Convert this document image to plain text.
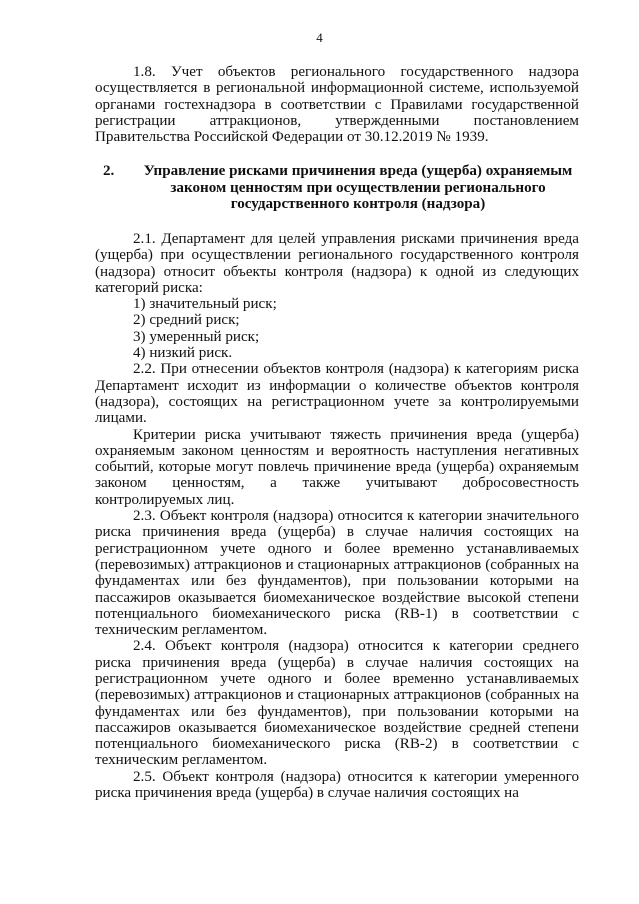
4

1.8. Учет объектов регионального государственного надзора осуществляется в региональной информационной системе, используемой органами гостехнадзора в соответствии с Правилами государственной регистрации аттракционов, утвержденными постановлением Правительства Российской Федерации от 30.12.2019 № 1939.

2.	Управление рисками причинения вреда (ущерба) охраняемым законом ценностям при осуществлении регионального государственного контроля (надзора)

2.1. Департамент для целей управления рисками причинения вреда (ущерба) при осуществлении регионального государственного контроля (надзора) относит объекты контроля (надзора) к одной из следующих категорий риска:

1) значительный риск;
2) средний риск;
3) умеренный риск;
4) низкий риск.

2.2. При отнесении объектов контроля (надзора) к категориям риска Департамент исходит из информации о количестве объектов контроля (надзора), состоящих на регистрационном учете за контролируемыми лицами.

Критерии риска учитывают тяжесть причинения вреда (ущерба) охраняемым законом ценностям и вероятность наступления негативных событий, которые могут повлечь причинение вреда (ущерба) охраняемым законом ценностям, а также учитывают добросовестность контролируемых лиц.

2.3. Объект контроля (надзора) относится к категории значительного риска причинения вреда (ущерба) в случае наличия состоящих на регистрационном учете одного и более временно устанавливаемых (перевозимых) аттракционов и стационарных аттракционов (собранных на фундаментах или без фундаментов), при пользовании которыми на пассажиров оказывается биомеханическое воздействие высокой степени потенциального биомеханического риска (RB-1) в соответствии с техническим регламентом.

2.4. Объект контроля (надзора) относится к категории среднего риска причинения вреда (ущерба) в случае наличия состоящих на регистрационном учете одного и более временно устанавливаемых (перевозимых) аттракционов и стационарных аттракционов (собранных на фундаментах или без фундаментов), при пользовании которыми на пассажиров оказывается биомеханическое воздействие средней степени потенциального биомеханического риска (RB-2) в соответствии с техническим регламентом.

2.5. Объект контроля (надзора) относится к категории умеренного риска причинения вреда (ущерба) в случае наличия состоящих на
